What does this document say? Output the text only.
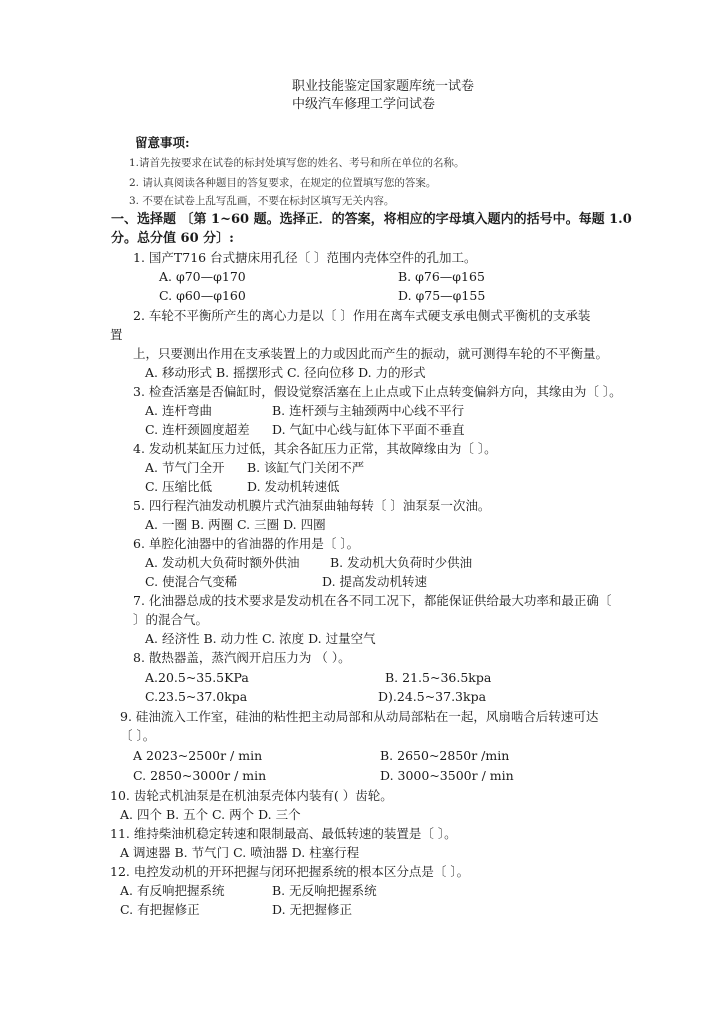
职业技能鉴定国家题库统一试卷
中级汽车修理工学问试卷
留意事项:
1.请首先按要求在试卷的标封处填写您的姓名、考号和所在单位的名称。
2. 请认真阅读各种题目的答复要求，在规定的位置填写您的答案。
3. 不要在试卷上乱写乱画，不要在标封区填写无关内容。
一、选择题 〔第 1~60 题。选择正．的答案，将相应的字母填入题内的括号中。每题 1.0
分。总分值 60 分〕:
1. 国产T716 台式搪床用孔径〔 〕范围内壳体空件的孔加工。
A. φ70—φ170	B. φ76—φ165
C. φ60—φ160	D. φ75—φ155
2. 车轮不平衡所产生的离心力是以〔 〕作用在离车式硬支承电侧式平衡机的支承装
置
上，只要测出作用在支承装置上的力或因此而产生的振动，就可测得车轮的不平衡量。
A. 移动形式 B. 摇摆形式 C. 径向位移 D. 力的形式
3. 检查活塞是否偏缸时，假设觉察活塞在上止点或下止点转变偏斜方向，其缘由为〔 〕。
A. 连杆弯曲	B. 连杆颈与主轴颈两中心线不平行
C. 连杆颈圆度超差 D. 气缸中心线与缸体下平面不垂直
4. 发动机某缸压力过低，其余各缸压力正常，其故障缘由为〔 〕。
A. 节气门全开 B. 该缸气门关闭不严
C. 压缩比低	D. 发动机转速低
5. 四行程汽油发动机膜片式汽油泵曲轴每转〔 〕油泵泵一次油。
A. 一圈 B. 两圈 C. 三圈 D. 四圈
6. 单腔化油器中的省油器的作用是〔 〕。
A. 发动机大负荷时额外供油 B. 发动机大负荷时少供油
C. 使混合气变稀	D. 提高发动机转速
7. 化油器总成的技术要求是发动机在各不同工况下，都能保证供给最大功率和最正确〔
〕的混合气。
A. 经济性 B. 动力性 C. 浓度 D. 过量空气
8. 散热器盖，蒸汽阀开启压力为 （ ）。
A.20.5~35.5KPa	B. 21.5~36.5kpa
C.23.5~37.0kpa	D).24.5~37.3kpa
9. 硅油流入工作室，硅油的粘性把主动局部和从动局部粘在一起，风扇啮合后转速可达
〔 〕。
A 2023~2500r / min	B. 2650~2850r /min
C. 2850~3000r / min	D. 3000~3500r / min
10. 齿轮式机油泵是在机油泵壳体内装有( ）齿轮。
A. 四个 B. 五个 C. 两个 D. 三个
11. 维持柴油机稳定转速和限制最高、最低转速的装置是〔 〕。
A 调速器 B. 节气门 C. 喷油器 D. 柱塞行程
12. 电控发动机的开环把握与闭环把握系统的根本区分点是〔 〕。
A. 有反响把握系统	B. 无反响把握系统
C. 有把握修正	D. 无把握修正
